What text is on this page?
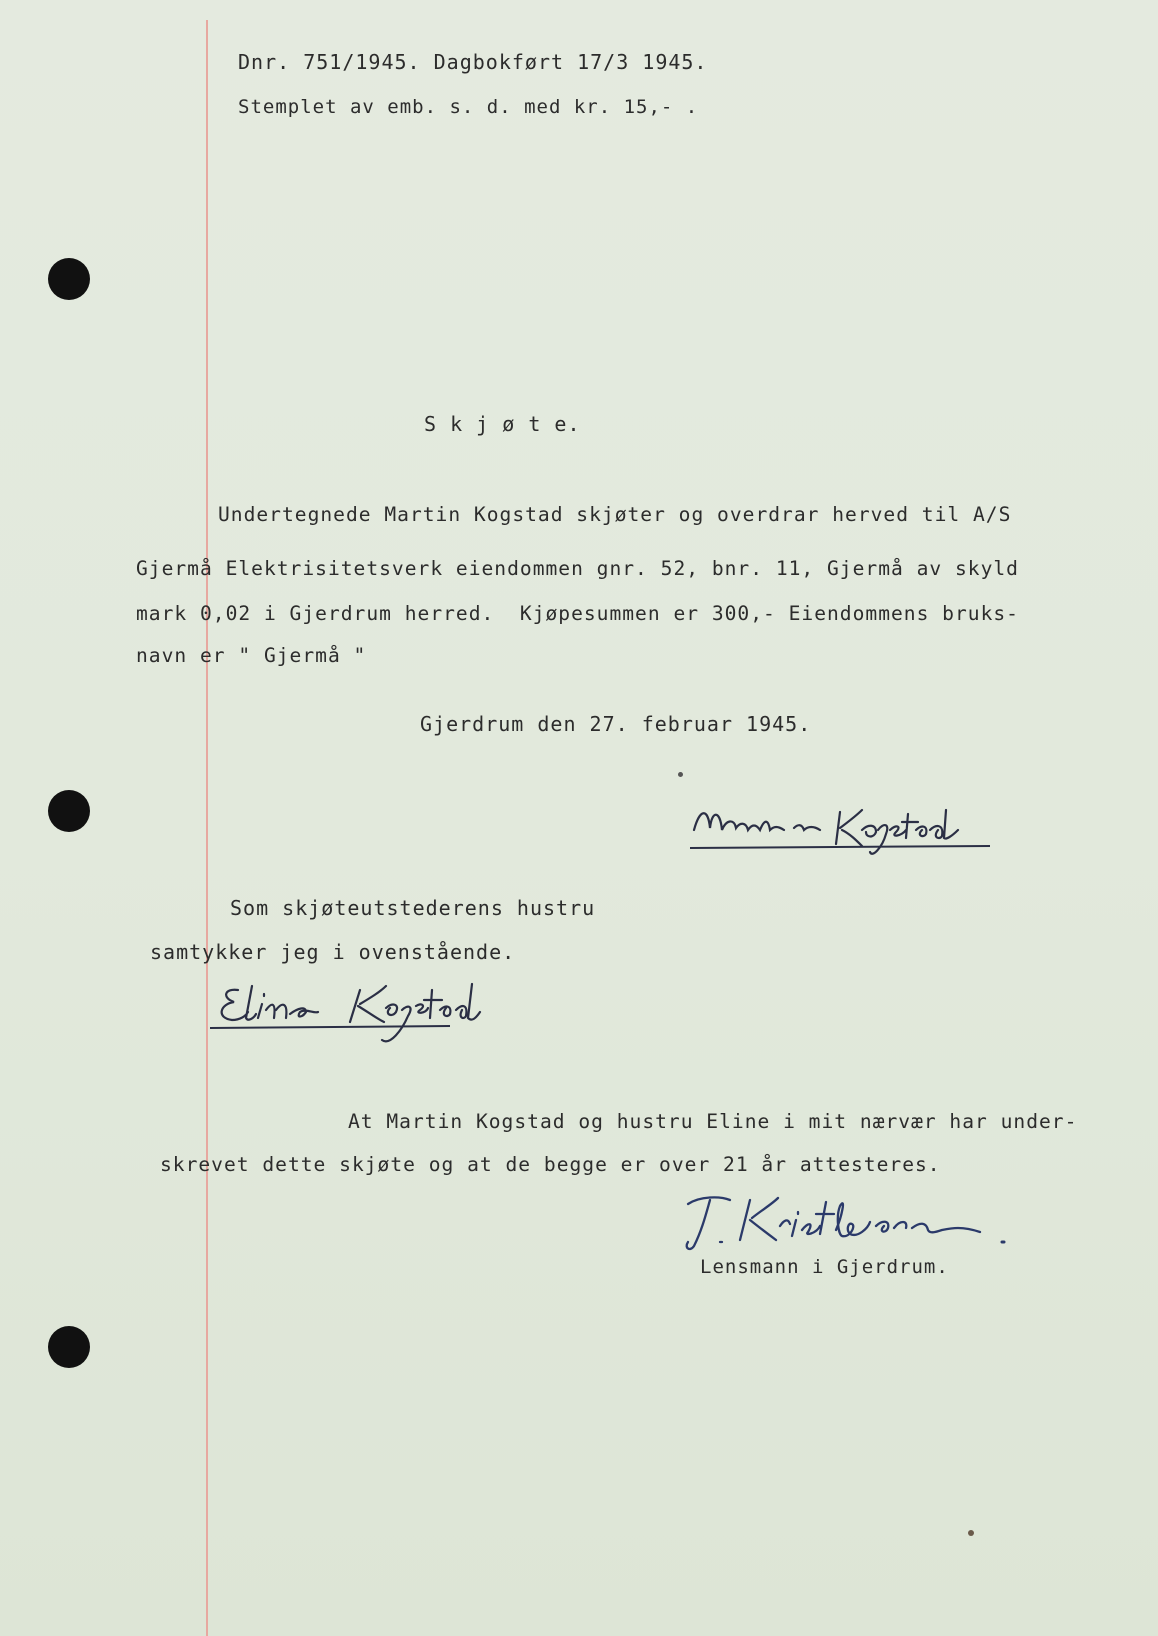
Dnr. 751/1945. Dagbokført 17/3 1945.
Stemplet av emb. s. d. med kr. 15,- .
S k j ø t e.
Undertegnede Martin Kogstad skjøter og overdrar herved til A/S
Gjermå Elektrisitetsverk eiendommen gnr. 52, bnr. 11, Gjermå av skyld
mark 0,02 i Gjerdrum herred.  Kjøpesummen er 300,- Eiendommens bruks-
navn er " Gjermå "
Gjerdrum den 27. februar 1945.
Som skjøteutstederens hustru
samtykker jeg i ovenstående.
At Martin Kogstad og hustru Eline i mit nærvær har under-
skrevet dette skjøte og at de begge er over 21 år attesteres.
Lensmann i Gjerdrum.
